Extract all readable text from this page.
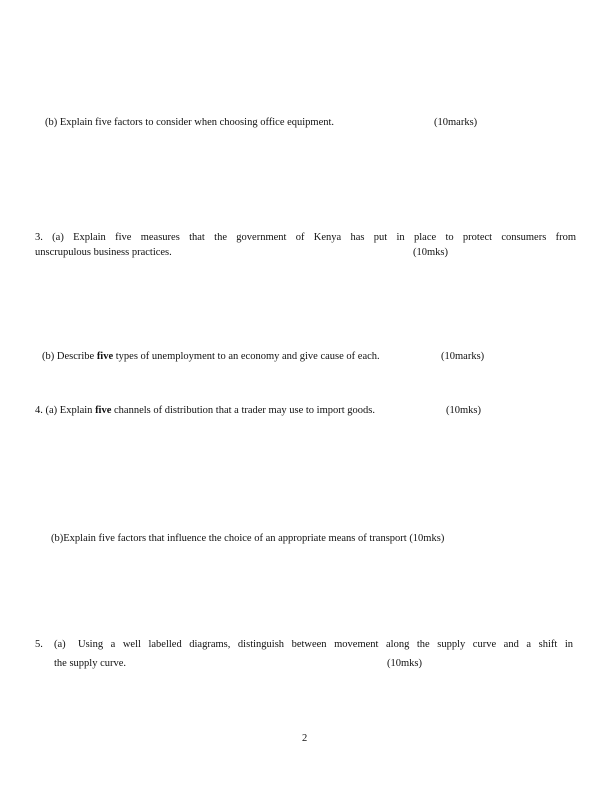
(b) Explain five factors to consider when choosing office equipment.	(10marks)
3. (a) Explain five measures that the government of Kenya has put in place to protect consumers from
unscrupulous business practices.	(10mks)
(b) Describe five types of unemployment to an economy and give cause of each.	(10marks)
4. (a) Explain five channels of distribution that a trader may use to import goods.	(10mks)
(b)Explain five factors that influence the choice of an appropriate means of transport (10mks)
5. (a) Using a well labelled diagrams, distinguish between movement along the supply curve and a shift in
the supply curve.	(10mks)
2
